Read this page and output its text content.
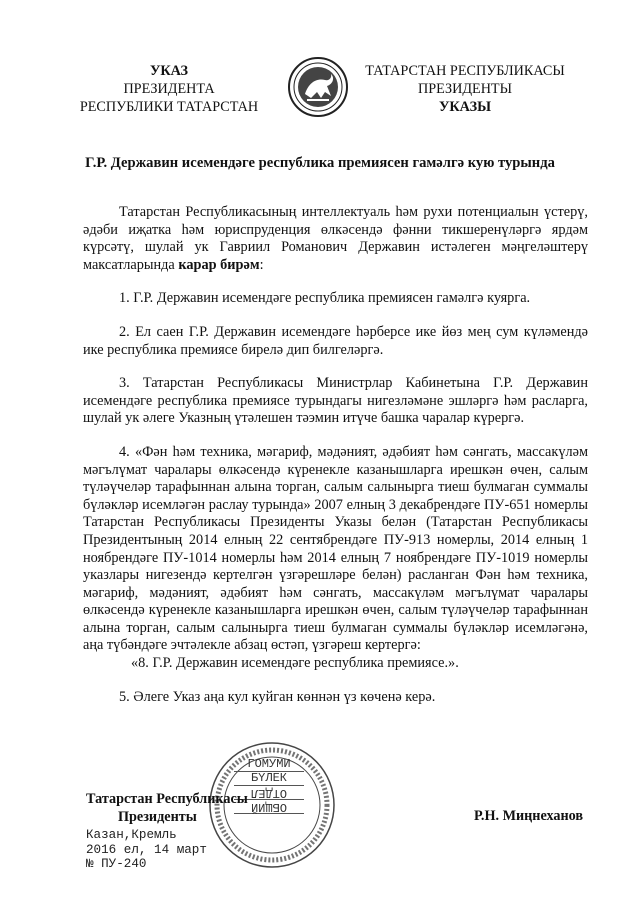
УКАЗ
ПРЕЗИДЕНТА
РЕСПУБЛИКИ ТАТАРСТАН
ТАТАРСТАН РЕСПУБЛИКАСЫ
ПРЕЗИДЕНТЫ
УКАЗЫ
Г.Р. Державин исемендәге республика премиясен гамәлгә кую турында

Татарстан Республикасының интеллектуаль һәм рухи потенциалын үстерү, әдәби иҗатка һәм юриспруденция өлкәсендә фәнни тикшеренүләргә ярдәм күрсәтү, шулай ук Гавриил Романович Державин истәлеген мәңгеләштерү максатларында карар бирәм:

1. Г.Р. Державин исемендәге республика премиясен гамәлгә куярга.

2. Ел саен Г.Р. Державин исемендәге һәрберсе ике йөз мең сум күләмендә ике республика премиясе бирелә дип билгеләргә.

3. Татарстан Республикасы Министрлар Кабинетына Г.Р. Державин исемендәге республика премиясе турындагы нигезләмәне эшләргә һәм расларга, шулай ук әлеге Указның үтәлешен тәэмин итүче башка чаралар күрергә.

4. «Фән һәм техника, мәгариф, мәдәният, әдәбият һәм сәнгать, массакүләм мәгълүмат чаралары өлкәсендә күренекле казанышларга ирешкән өчен, салым түләүчеләр тарафыннан алына торган, салым салынырга тиеш булмаган суммалы бүләкләр исемләгән раслау турында» 2007 елның 3 декабрендәге ПУ-651 номерлы Татарстан Республикасы Президенты Указы белән (Татарстан Республикасы Президентының 2014 елның 22 сентябрендәге ПУ-913 номерлы, 2014 елның 1 ноябрендәге ПУ-1014 номерлы һәм 2014 елның 7 ноябрендәге ПУ-1019 номерлы указлары нигезендә кертелгән үзгәрешләре белән) расланган Фән һәм техника, мәгариф, мәдәният, әдәбият һәм сәнгать, массакүләм мәгълүмат чаралары өлкәсендә күренекле казанышларга ирешкән өчен, салым түләүчеләр тарафыннан алына торган, салым салынырга тиеш булмаган суммалы бүләкләр исемләгәнә, аңа түбәндәге эчтәлекле абзац өстәп, үзгәреш кертергә:

«8. Г.Р. Державин исемендәге республика премиясе.».

5. Әлеге Указ аңа кул куйган көннән үз көченә керә.

ГОМУМИ
БҮЛЕК
ОТДЕЛ
ОБЩИЙ
Татарстан Республикасы
Президенты	Р.Н. Миңнеханов
Казан,Кремль
2016 ел, 14 март
№ ПУ-240
